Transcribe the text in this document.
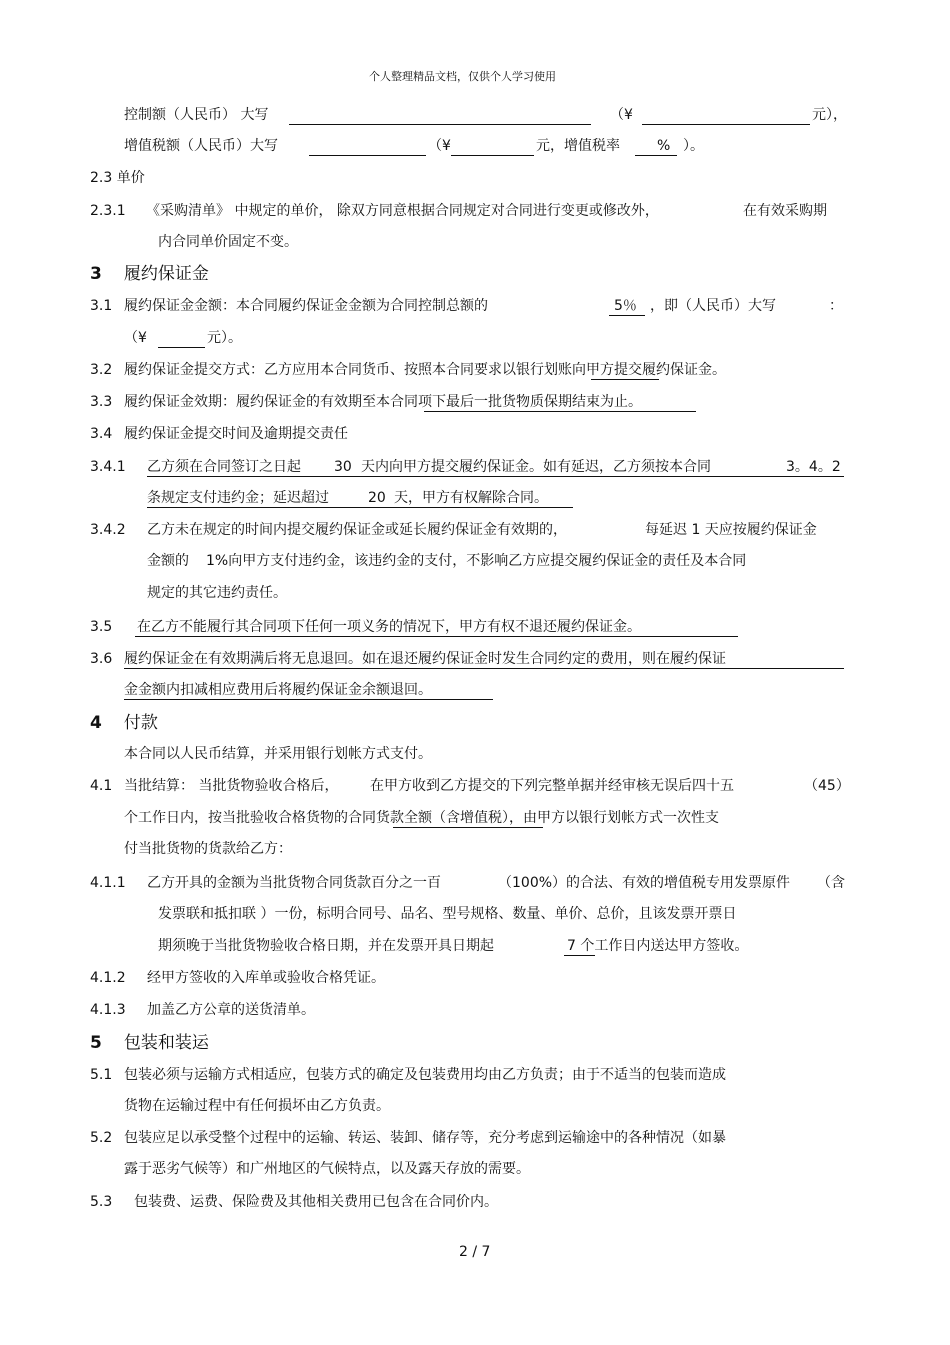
个人整理精品文档，仅供个人学习使用
控制额（人民币） 大写	（¥	元），
增值税额（人民币）大写	（¥	元，增值税率	% ）。
2.3 单价
2.3.1 《采购清单》 中规定的单价， 除双方同意根据合同规定对合同进行变更或修改外，	在有效采购期
内合同单价固定不变。
3 履约保证金
3.1 履约保证金金额：本合同履约保证金金额为合同控制总额的	5％ ，即（人民币）大写	：
（¥	元）。
3.2 履约保证金提交方式：乙方应用本合同货币、按照本合同要求以银行划账向甲方提交履约保证金。
3.3 履约保证金效期：履约保证金的有效期至本合同项下最后一批货物质保期结束为止。
3.4 履约保证金提交时间及逾期提交责任
3.4.1 乙方须在合同签订之日起 30 天内向甲方提交履约保证金。如有延迟，乙方须按本合同	3。4。2
条规定支付违约金；延迟超过	20 天，甲方有权解除合同。
3.4.2 乙方未在规定的时间内提交履约保证金或延长履约保证金有效期的，	每延迟 1 天应按履约保证金
金额的 1%向甲方支付违约金，该违约金的支付，不影响乙方应提交履约保证金的责任及本合同
规定的其它违约责任。
3.5 在乙方不能履行其合同项下任何一项义务的情况下，甲方有权不退还履约保证金。
3.6 履约保证金在有效期满后将无息退回。如在退还履约保证金时发生合同约定的费用，则在履约保证
金金额内扣减相应费用后将履约保证金余额退回。
4 付款
本合同以人民币结算，并采用银行划帐方式支付。
4.1 当批结算： 当批货物验收合格后， 在甲方收到乙方提交的下列完整单据并经审核无误后四十五	（45）
个工作日内，按当批验收合格货物的合同货款全额（含增值税），由甲方以银行划帐方式一次性支
付当批货物的货款给乙方：
4.1.1 乙方开具的金额为当批货物合同货款百分之一百	（100%）的合法、有效的增值税专用发票原件 （含
发票联和抵扣联 ）一份，标明合同号、品名、型号规格、数量、单价、总价，且该发票开票日
期须晚于当批货物验收合格日期，并在发票开具日期起	7 个工作日内送达甲方签收。
4.1.2 经甲方签收的入库单或验收合格凭证。
4.1.3 加盖乙方公章的送货清单。
5 包装和装运
5.1 包装必须与运输方式相适应，包装方式的确定及包装费用均由乙方负责；由于不适当的包装而造成
货物在运输过程中有任何损坏由乙方负责。
5.2 包装应足以承受整个过程中的运输、转运、装卸、储存等，充分考虑到运输途中的各种情况（如暴
露于恶劣气候等）和广州地区的气候特点，以及露天存放的需要。
5.3 包装费、运费、保险费及其他相关费用已包含在合同价内。
2 / 7
